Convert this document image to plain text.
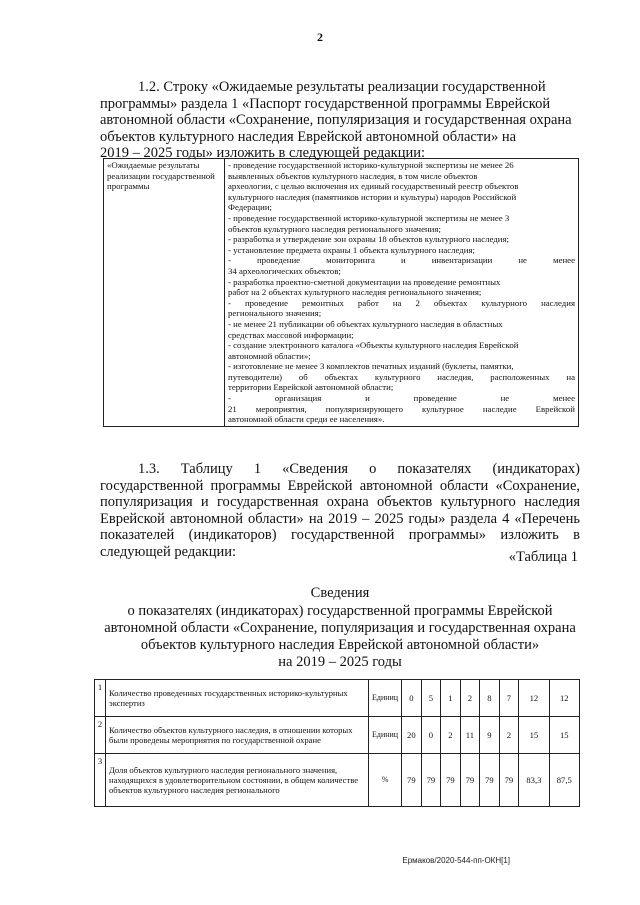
2
1.2. Строку «Ожидаемые результаты реализации государственной
программы» раздела 1 «Паспорт государственной программы Еврейской
автономной области «Сохранение, популяризация и государственная охрана
объектов культурного наследия Еврейской автономной области» на
2019 – 2025 годы» изложить в следующей редакции:
«Ожидаемые результаты реализации государственной программы	
- проведение государственной историко-культурной экспертизы не менее 26
выявленных объектов культурного наследия, в том числе объектов
археологии, с целью включения их единый государственный реестр объектов
культурного наследия (памятников истории и культуры) народов Российской
Федерации;
- проведение государственной историко-культурной экспертизы не менее 3
объектов культурного наследия регионального значения;
- разработка и утверждение зон охраны 18 объектов культурного наследия;
- установление предмета охраны 1 объекта культурного наследия;
- проведение мониторинга и инвентаризации не менее
34 археологических объектов;
- разработка проектно-сметной документации на проведение ремонтных
работ на 2 объектах культурного наследия регионального значения;
- проведение ремонтных работ на 2 объектах культурного наследия
регионального значения;
- не менее 21 публикации об объектах культурного наследия в областных
средствах массовой информации;
- создание электронного каталога «Объекты культурного наследия Еврейской
автономной области»;
- изготовление не менее 3 комплектов печатных изданий (буклеты, памятки,
путеводители) об объектах культурного наследия, расположенных на
территории Еврейской автономной области;
- организация и проведение не менее
21 мероприятия, популяризирующего культурное наследие Еврейской
автономной области среди ее населения».
1.3. Таблицу 1 «Сведения о показателях (индикаторах)
государственной программы Еврейской автономной области «Сохранение,
популяризация и государственная охрана объектов культурного наследия
Еврейской автономной области» на 2019 – 2025 годы» раздела 4 «Перечень
показателей (индикаторов) государственной программы» изложить в
следующей редакции:	«Таблица 1
Сведения
о показателях (индикаторах) государственной программы Еврейской
автономной области «Сохранение, популяризация и государственная охрана
объектов культурного наследия Еврейской автономной области»
на 2019 – 2025 годы
1	Количество проведенных государственных историко-культурных экспертиз	Единиц	0	5	1	2	8	7	12	12
2	Количество объектов культурного наследия, в отношении которых были проведены мероприятия по государственной охране	Единиц	20	0	2	11	9	2	15	15
3	Доля объектов культурного наследия регионального значения, находящихся в удовлетворительном состоянии, в общем количестве объектов культурного наследия регионального	%	79	79	79	79	79	79	83,3	87,5
Ермаков/2020-544-пп-ОКН[1]
